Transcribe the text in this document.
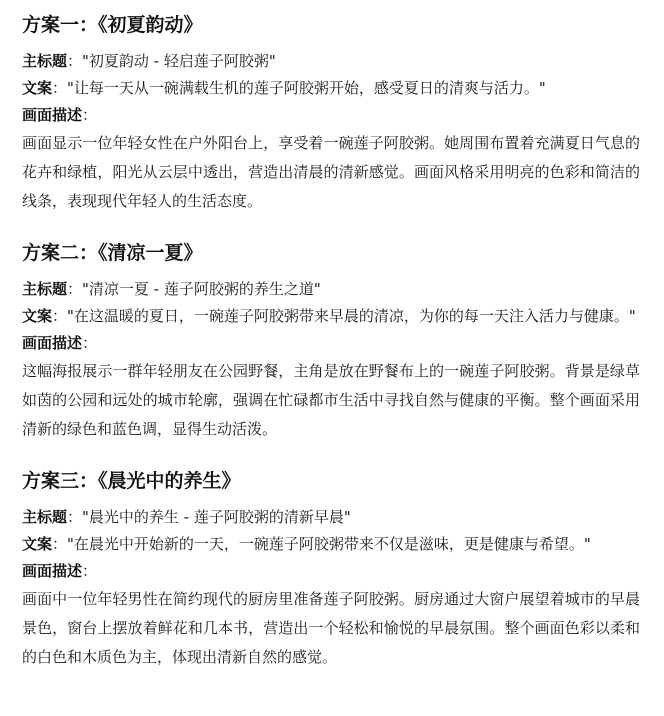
方案一：《初夏韵动》

主标题："初夏韵动 - 轻启莲子阿胶粥"

文案："让每一天从一碗满载生机的莲子阿胶粥开始，感受夏日的清爽与活力。"

画面描述：

画面显示一位年轻女性在户外阳台上，享受着一碗莲子阿胶粥。她周围布置着充满夏日气息的花卉和绿植，阳光从云层中透出，营造出清晨的清新感觉。画面风格采用明亮的色彩和简洁的线条，表现现代年轻人的生活态度。

方案二：《清凉一夏》

主标题："清凉一夏 - 莲子阿胶粥的养生之道"

文案："在这温暖的夏日，一碗莲子阿胶粥带来早晨的清凉，为你的每一天注入活力与健康。"

画面描述：

这幅海报展示一群年轻朋友在公园野餐，主角是放在野餐布上的一碗莲子阿胶粥。背景是绿草如茵的公园和远处的城市轮廓，强调在忙碌都市生活中寻找自然与健康的平衡。整个画面采用清新的绿色和蓝色调，显得生动活泼。

方案三：《晨光中的养生》

主标题："晨光中的养生 - 莲子阿胶粥的清新早晨"

文案："在晨光中开始新的一天，一碗莲子阿胶粥带来不仅是滋味，更是健康与希望。"

画面描述：

画面中一位年轻男性在简约现代的厨房里准备莲子阿胶粥。厨房通过大窗户展望着城市的早晨景色，窗台上摆放着鲜花和几本书，营造出一个轻松和愉悦的早晨氛围。整个画面色彩以柔和的白色和木质色为主，体现出清新自然的感觉。
